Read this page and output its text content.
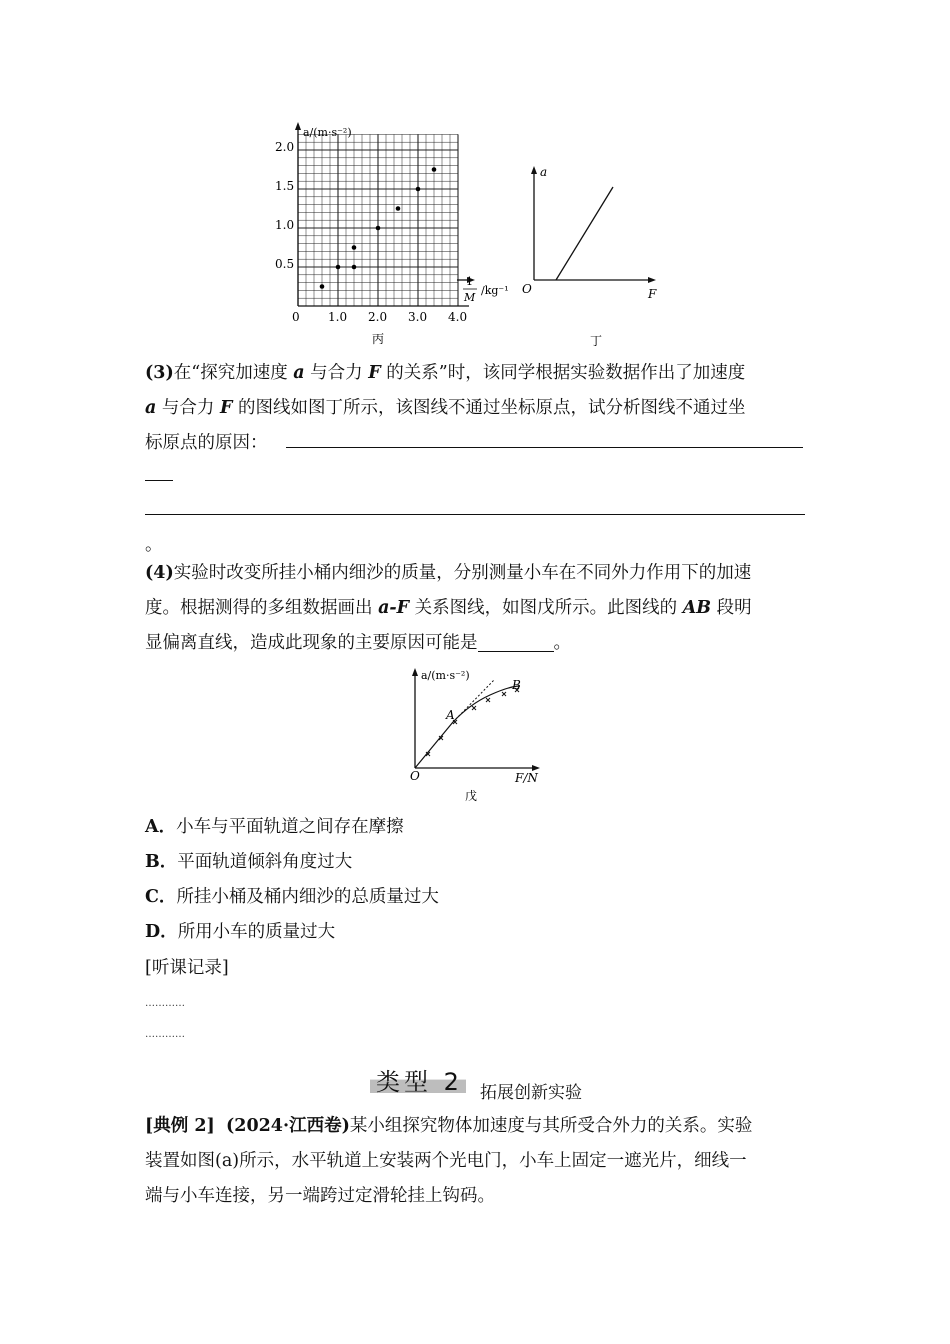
a/(m·s⁻²)
1
M
/kg⁻¹
0 1.0 2.0 3.0 4.0
0.5
1.0
1.5
2.0
丙
a
O	F
丁
(3)在“探究加速度 a 与合力 F 的关系”时，该同学根据实验数据作出了加速度
a 与合力 F 的图线如图丁所示，该图线不通过坐标原点，试分析图线不通过坐
标原点的原因：
。
(4)实验时改变所挂小桶内细沙的质量，分别测量小车在不同外力作用下的加速
度。根据测得的多组数据画出 a-F 关系图线，如图戊所示。此图线的 AB 段明
显偏离直线，造成此现象的主要原因可能是	。
a/(m·s⁻²)
A
B
O	F/N
戊
A．小车与平面轨道之间存在摩擦
B．平面轨道倾斜角度过大
C．所挂小桶及桶内细沙的总质量过大
D．所用小车的质量过大
[听课记录]
…………
…………
类型 2 拓展创新实验
[典例 2] (2024·江西卷)某小组探究物体加速度与其所受合外力的关系。实验
装置如图(a)所示，水平轨道上安装两个光电门，小车上固定一遮光片，细线一
端与小车连接，另一端跨过定滑轮挂上钩码。
